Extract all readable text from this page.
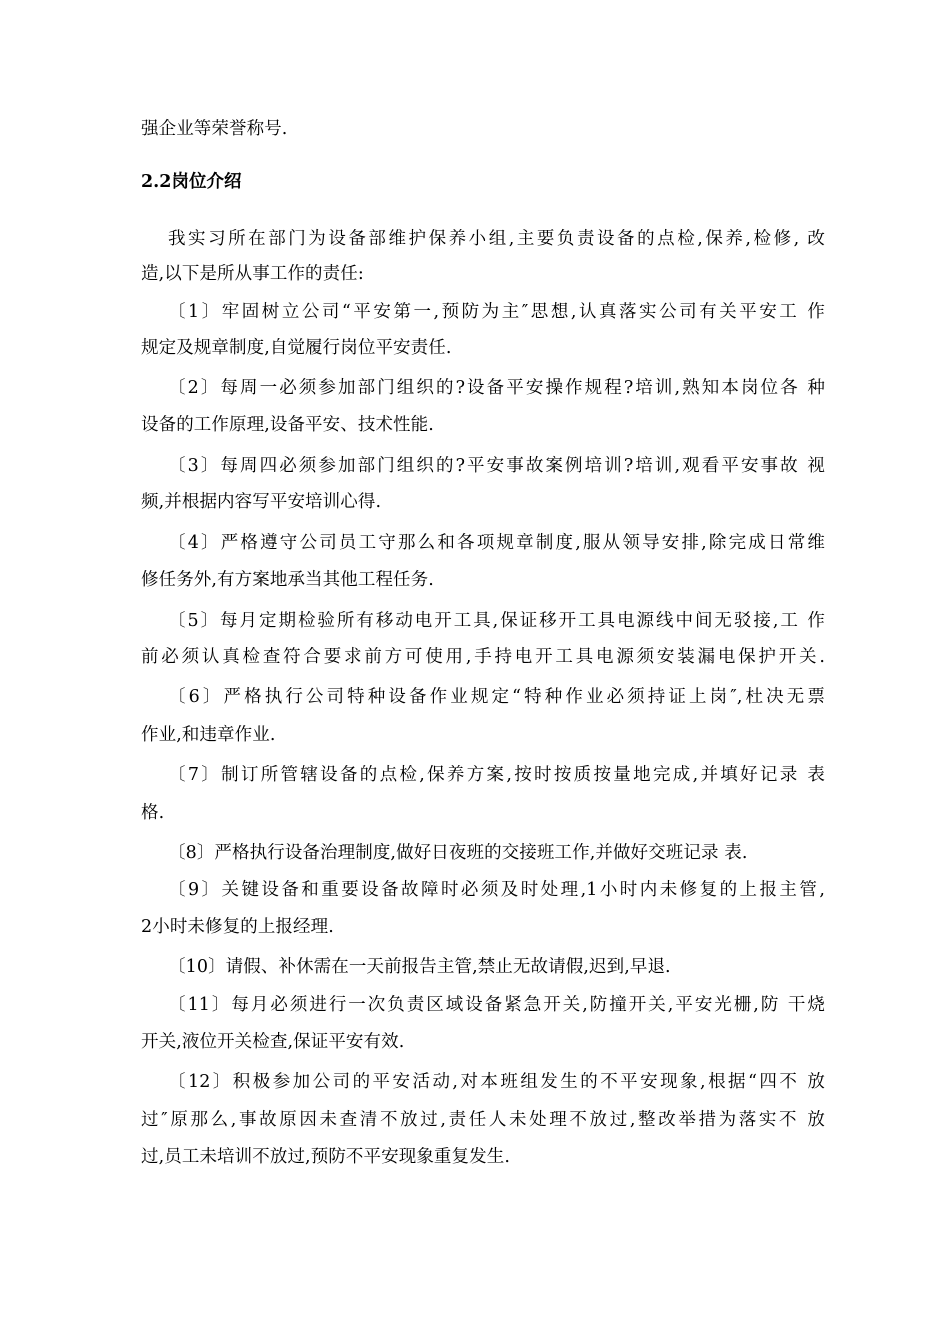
强企业等荣誉称号.
2.2岗位介绍
我实习所在部门为设备部维护保养小组,主要负责设备的点检,保养,检修, 改
造,以下是所从事工作的责任:
〔1〕牢固树立公司“平安第一,预防为主″思想,认真落实公司有关平安工 作
规定及规章制度,自觉履行岗位平安责任.
〔2〕每周一必须参加部门组织的?设备平安操作规程?培训,熟知本岗位各 种
设备的工作原理,设备平安、技术性能.
〔3〕每周四必须参加部门组织的?平安事故案例培训?培训,观看平安事故 视
频,并根据内容写平安培训心得.
〔4〕严格遵守公司员工守那么和各项规章制度,服从领导安排,除完成日常维
修任务外,有方案地承当其他工程任务.
〔5〕每月定期检验所有移动电开工具,保证移开工具电源线中间无驳接,工 作
前必须认真检查符合要求前方可使用,手持电开工具电源须安装漏电保护开关.
〔6〕严格执行公司特种设备作业规定“特种作业必须持证上岗″,杜决无票
作业,和违章作业.
〔7〕制订所管辖设备的点检,保养方案,按时按质按量地完成,并填好记录 表
格.
〔8〕严格执行设备治理制度,做好日夜班的交接班工作,并做好交班记录 表.
〔9〕关键设备和重要设备故障时必须及时处理,1小时内未修复的上报主管,
2小时未修复的上报经理.
〔10〕请假、补休需在一天前报告主管,禁止无故请假,迟到,早退.
〔11〕每月必须进行一次负责区域设备紧急开关,防撞开关,平安光栅,防 干烧
开关,液位开关检查,保证平安有效.
〔12〕积极参加公司的平安活动,对本班组发生的不平安现象,根据“四不 放
过″原那么,事故原因未查清不放过,责任人未处理不放过,整改举措为落实不 放
过,员工未培训不放过,预防不平安现象重复发生.
